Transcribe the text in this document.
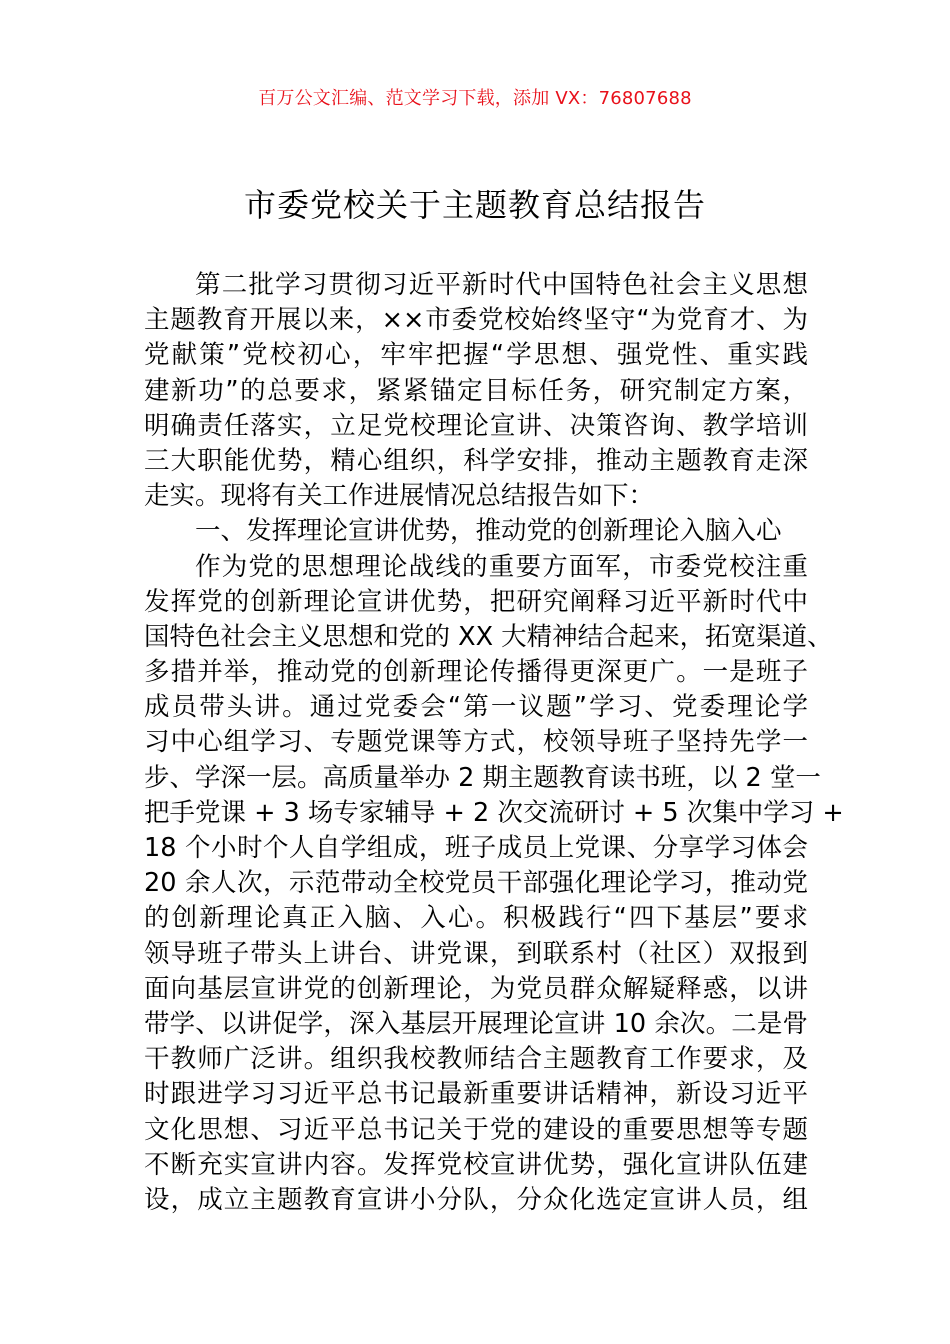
百万公文汇编、范文学习下载，添加 VX：76807688
市委党校关于主题教育总结报告
第二批学习贯彻习近平新时代中国特色社会主义思想
主题教育开展以来，××市委党校始终坚守“为党育才、为
党献策”党校初心，牢牢把握“学思想、强党性、重实践
建新功”的总要求，紧紧锚定目标任务，研究制定方案，
明确责任落实，立足党校理论宣讲、决策咨询、教学培训
三大职能优势，精心组织，科学安排，推动主题教育走深
走实。现将有关工作进展情况总结报告如下：
一、发挥理论宣讲优势，推动党的创新理论入脑入心
作为党的思想理论战线的重要方面军，市委党校注重
发挥党的创新理论宣讲优势，把研究阐释习近平新时代中
国特色社会主义思想和党的 XX 大精神结合起来，拓宽渠道、
多措并举，推动党的创新理论传播得更深更广。一是班子
成员带头讲。通过党委会“第一议题”学习、党委理论学
习中心组学习、专题党课等方式，校领导班子坚持先学一
步、学深一层。高质量举办 2 期主题教育读书班，以 2 堂一
把手党课 + 3 场专家辅导 + 2 次交流研讨 + 5 次集中学习 +
18 个小时个人自学组成，班子成员上党课、分享学习体会
20 余人次，示范带动全校党员干部强化理论学习，推动党
的创新理论真正入脑、入心。积极践行“四下基层”要求
领导班子带头上讲台、讲党课，到联系村（社区）双报到
面向基层宣讲党的创新理论，为党员群众解疑释惑，以讲
带学、以讲促学，深入基层开展理论宣讲 10 余次。二是骨
干教师广泛讲。组织我校教师结合主题教育工作要求，及
时跟进学习习近平总书记最新重要讲话精神，新设习近平
文化思想、习近平总书记关于党的建设的重要思想等专题
不断充实宣讲内容。发挥党校宣讲优势，强化宣讲队伍建
设，成立主题教育宣讲小分队，分众化选定宣讲人员，组
